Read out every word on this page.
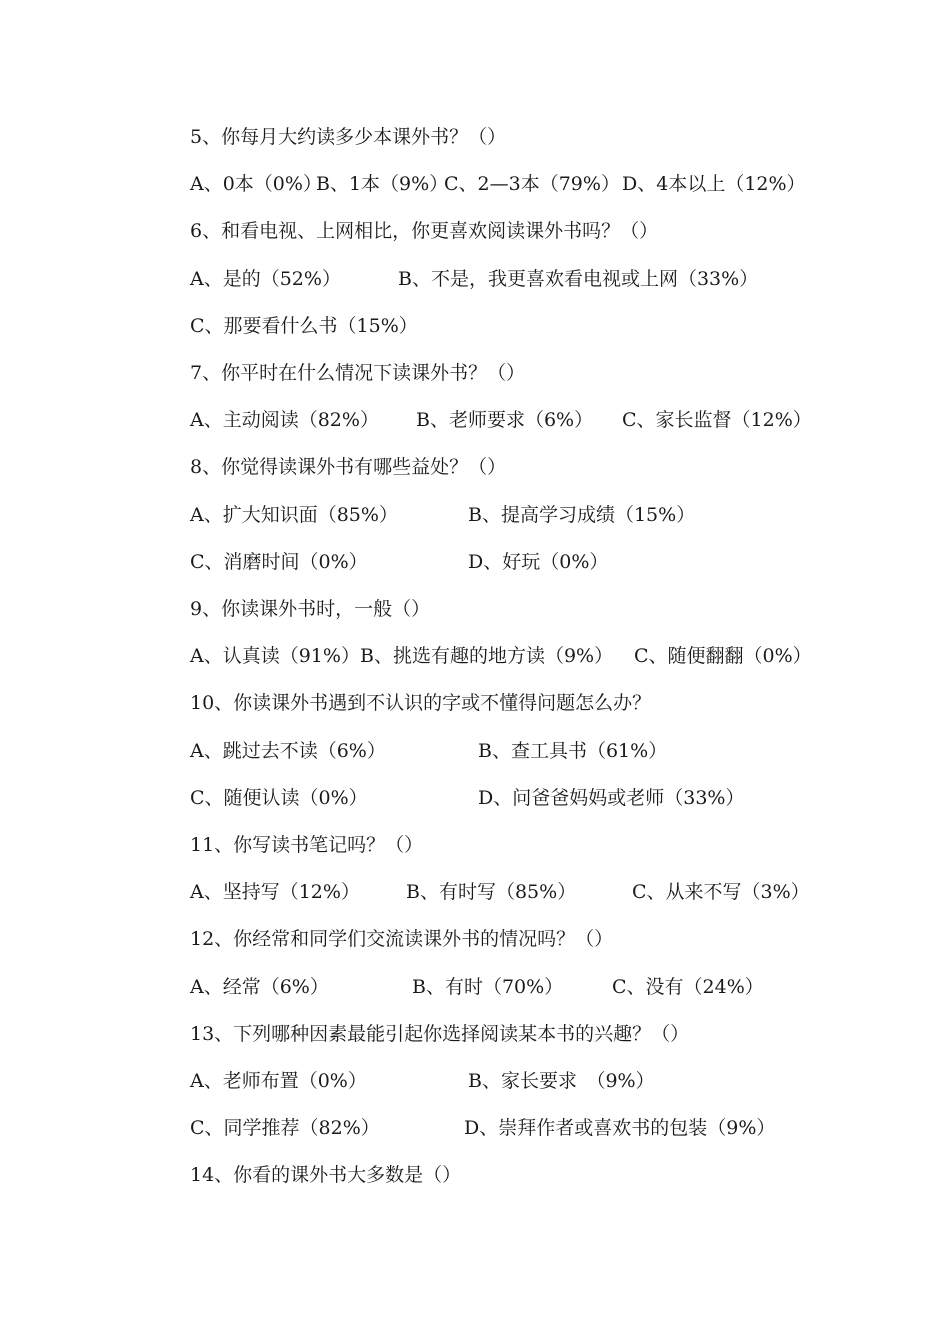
5、你每月大约读多少本课外书？（）
A、0本（0%）
B、1本（9%）
C、2—3本（79%） D、4本以上（12%）
6、和看电视、上网相比，你更喜欢阅读课外书吗？（）
A、是的（52%）	B、不是，我更喜欢看电视或上网（33%）
C、那要看什么书（15%）
7、你平时在什么情况下读课外书？（）
A、主动阅读（82%） B、老师要求（6%） C、家长监督（12%）
8、你觉得读课外书有哪些益处？（）
A、扩大知识面（85%）	B、提高学习成绩（15%）
C、消磨时间（0%）	D、好玩（0%）
9、你读课外书时，一般（）
A、认真读（91%） B、挑选有趣的地方读（9%） C、随便翻翻（0%）
10、你读课外书遇到不认识的字或不懂得问题怎么办？
A、跳过去不读（6%）	B、查工具书（61%）
C、随便认读（0%）	D、问爸爸妈妈或老师（33%）
11、你写读书笔记吗？（）
A、坚持写（12%） B、有时写（85%）	C、从来不写（3%）
12、你经常和同学们交流读课外书的情况吗？（）
A、经常（6%）	B、有时（70%）	C、没有（24%）
13、下列哪种因素最能引起你选择阅读某本书的兴趣？（）
A、老师布置（0%）	B、家长要求　（9%）
C、同学推荐（82%）	D、崇拜作者或喜欢书的包装（9%）
14、你看的课外书大多数是（）
